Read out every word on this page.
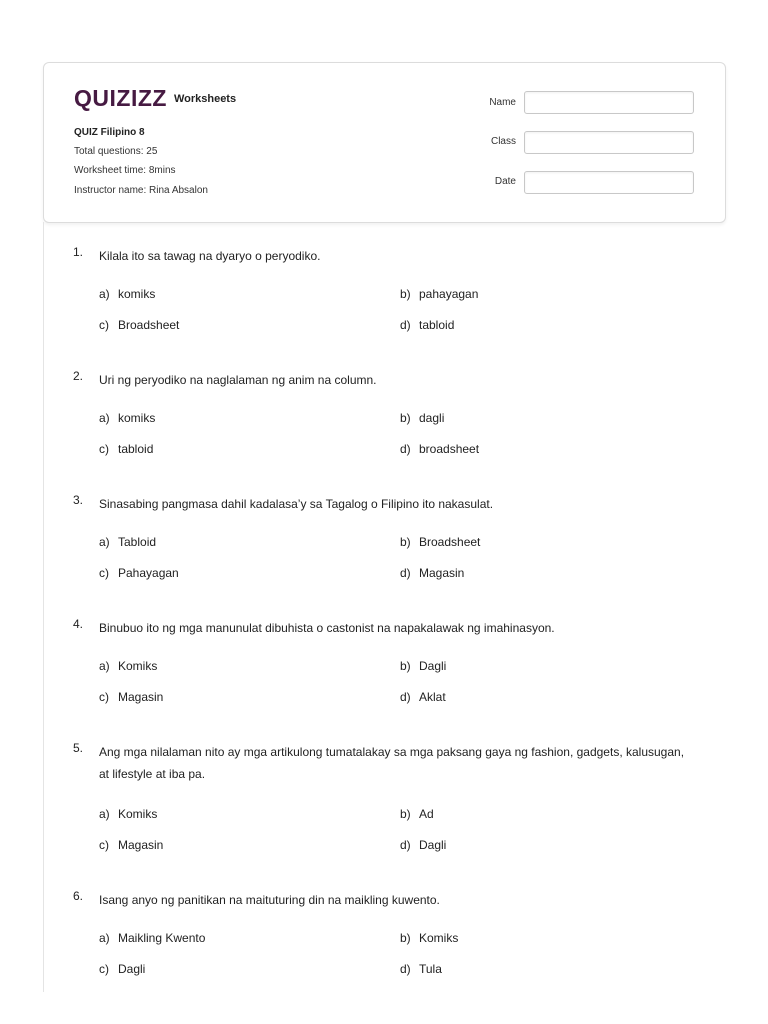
QUIZIZZ Worksheets
QUIZ Filipino 8
Total questions: 25
Worksheet time: 8mins
Instructor name: Rina Absalon
Name
Class
Date
1. Kilala ito sa tawag na dyaryo o peryodiko.
a) komiks	b) pahayagan
c) Broadsheet	d) tabloid
2. Uri ng peryodiko na naglalaman ng anim na column.
a) komiks	b) dagli
c) tabloid	d) broadsheet
3. Sinasabing pangmasa dahil kadalasa’y sa Tagalog o Filipino ito nakasulat.
a) Tabloid	b) Broadsheet
c) Pahayagan	d) Magasin
4. Binubuo ito ng mga manunulat dibuhista o castonist na napakalawak ng imahinasyon.
a) Komiks	b) Dagli
c) Magasin	d) Aklat
5. Ang mga nilalaman nito ay mga artikulong tumatalakay sa mga paksang gaya ng fashion, gadgets, kalusugan, at lifestyle at iba pa.
a) Komiks	b) Ad
c) Magasin	d) Dagli
6. Isang anyo ng panitikan na maituturing din na maikling kuwento.
a) Maikling Kwento	b) Komiks
c) Dagli	d) Tula
